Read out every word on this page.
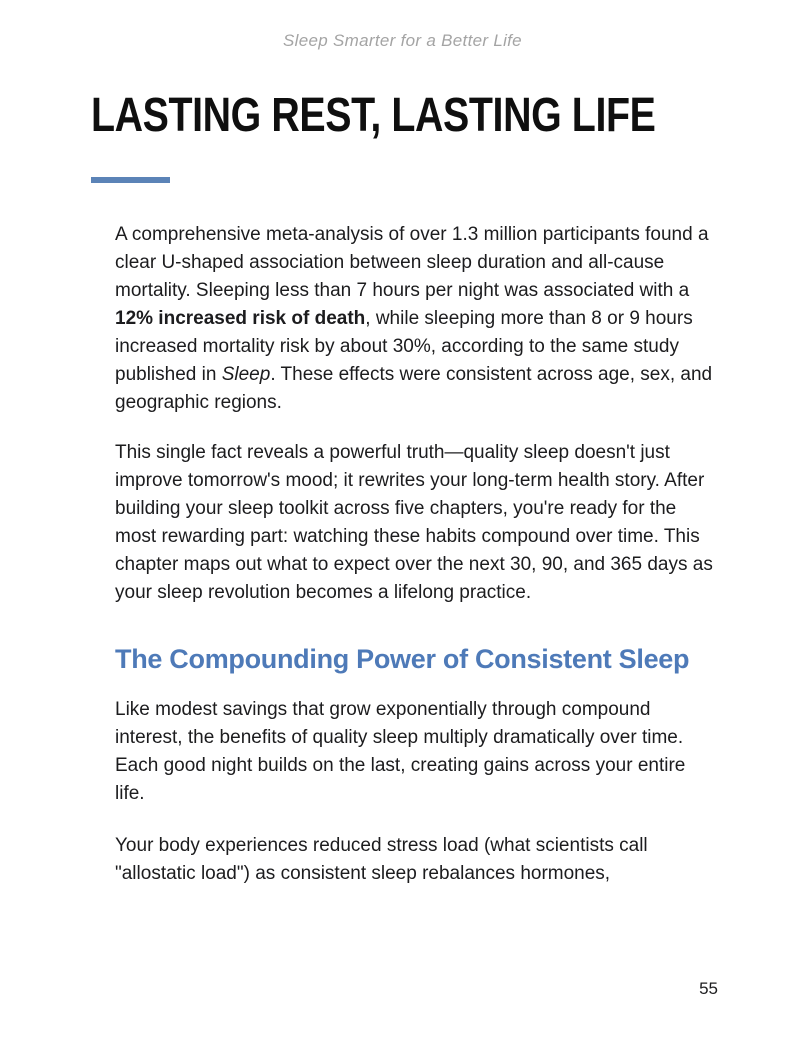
Sleep Smarter for a Better Life
LASTING REST, LASTING LIFE

A comprehensive meta-analysis of over 1.3 million participants found a clear U-shaped association between sleep duration and all-cause mortality. Sleeping less than 7 hours per night was associated with a 12% increased risk of death, while sleeping more than 8 or 9 hours increased mortality risk by about 30%, according to the same study published in Sleep. These effects were consistent across age, sex, and geographic regions.

This single fact reveals a powerful truth—quality sleep doesn't just improve tomorrow's mood; it rewrites your long-term health story. After building your sleep toolkit across five chapters, you're ready for the most rewarding part: watching these habits compound over time. This chapter maps out what to expect over the next 30, 90, and 365 days as your sleep revolution becomes a lifelong practice.

The Compounding Power of Consistent Sleep

Like modest savings that grow exponentially through compound interest, the benefits of quality sleep multiply dramatically over time. Each good night builds on the last, creating gains across your entire life.

Your body experiences reduced stress load (what scientists call "allostatic load") as consistent sleep rebalances hormones,

55
